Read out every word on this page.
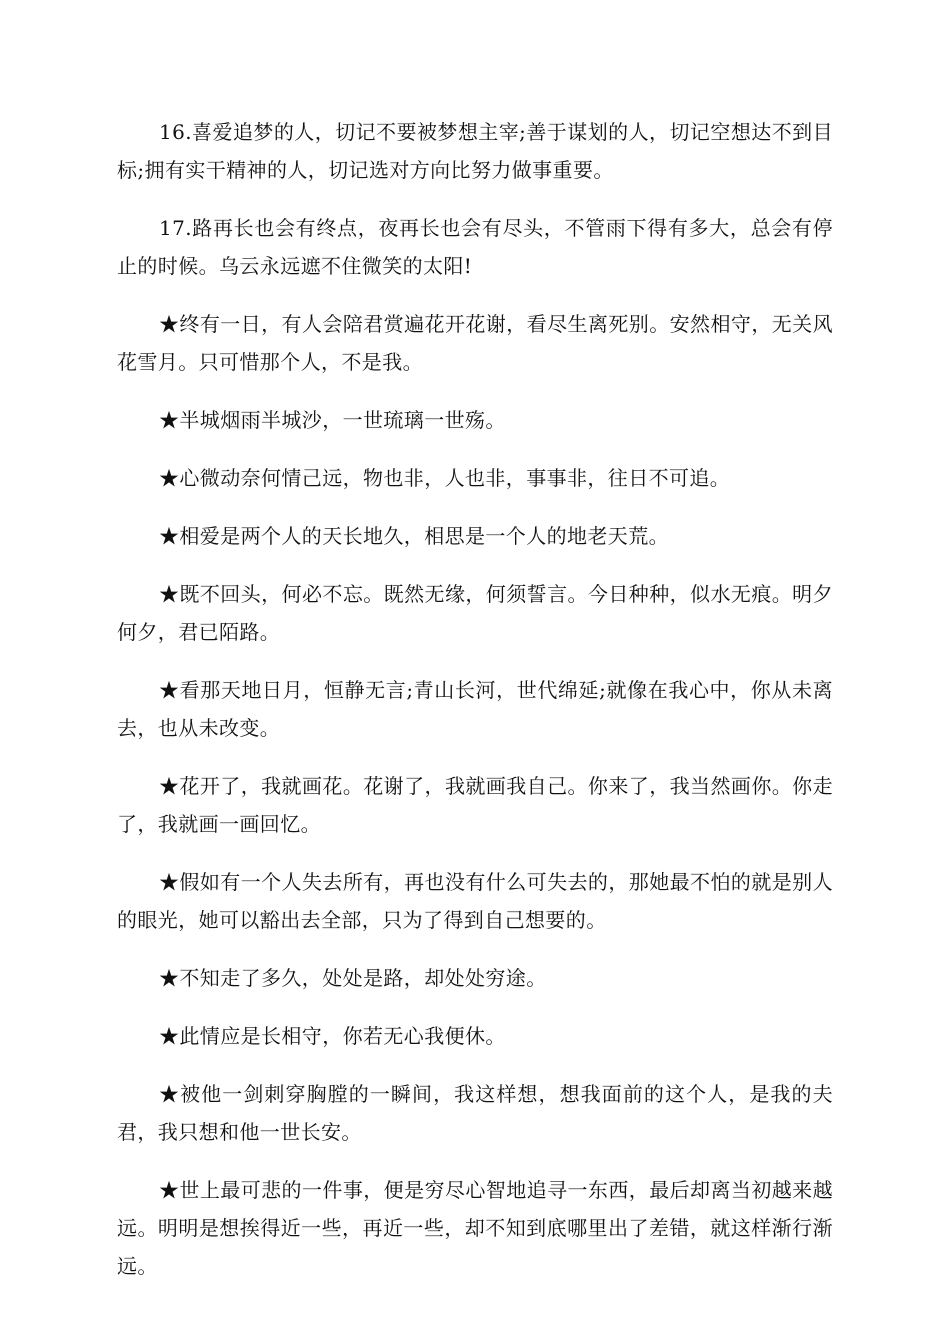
16.喜爱追梦的人，切记不要被梦想主宰;善于谋划的人，切记空想达不到目标;拥有实干精神的人，切记选对方向比努力做事重要。

17.路再长也会有终点，夜再长也会有尽头，不管雨下得有多大，总会有停止的时候。乌云永远遮不住微笑的太阳!

★终有一日，有人会陪君赏遍花开花谢，看尽生离死别。安然相守，无关风花雪月。只可惜那个人，不是我。

★半城烟雨半城沙，一世琉璃一世殇。

★心微动奈何情己远，物也非，人也非，事事非，往日不可追。

★相爱是两个人的天长地久，相思是一个人的地老天荒。

★既不回头，何必不忘。既然无缘，何须誓言。今日种种，似水无痕。明夕何夕，君已陌路。

★看那天地日月，恒静无言;青山长河，世代绵延;就像在我心中，你从未离去，也从未改变。

★花开了，我就画花。花谢了，我就画我自己。你来了，我当然画你。你走了，我就画一画回忆。

★假如有一个人失去所有，再也没有什么可失去的，那她最不怕的就是别人的眼光，她可以豁出去全部，只为了得到自己想要的。

★不知走了多久，处处是路，却处处穷途。

★此情应是长相守，你若无心我便休。

★被他一剑刺穿胸膛的一瞬间，我这样想，想我面前的这个人，是我的夫君，我只想和他一世长安。

★世上最可悲的一件事，便是穷尽心智地追寻一东西，最后却离当初越来越远。明明是想挨得近一些，再近一些，却不知到底哪里出了差错，就这样渐行渐远。
